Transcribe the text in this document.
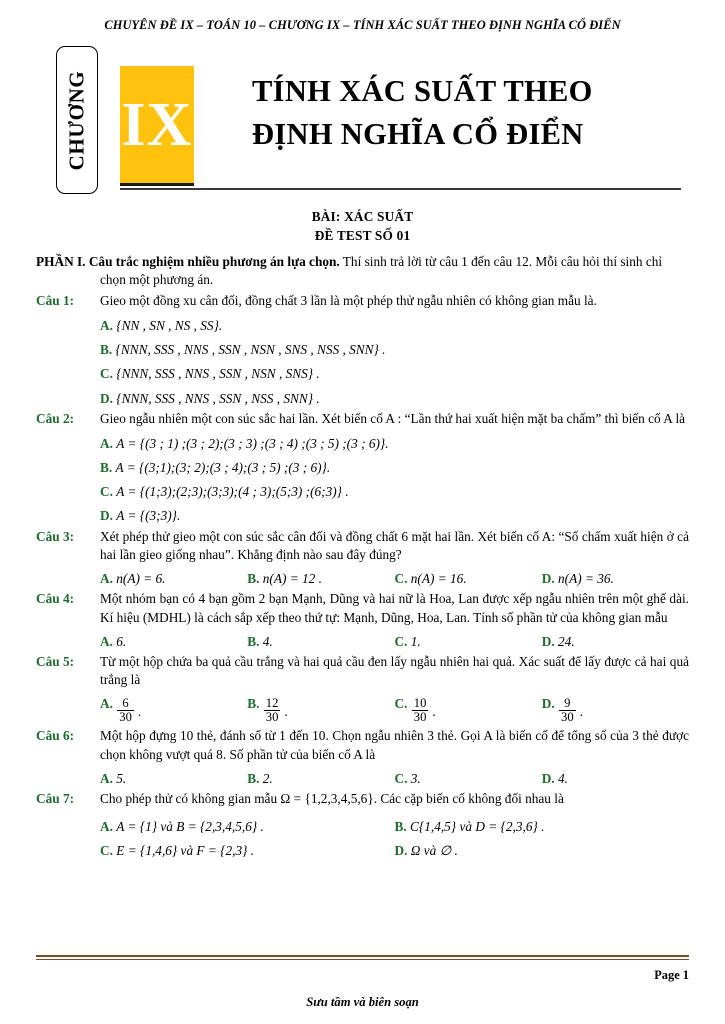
CHUYÊN ĐỀ IX – TOÁN 10 – CHƯƠNG IX – TÍNH XÁC SUẤT THEO ĐỊNH NGHĨA CỔ ĐIỂN
CHƯƠNG IX TÍNH XÁC SUẤT THEO
ĐỊNH NGHĨA CỔ ĐIỂN
BÀI: XÁC SUẤT
ĐỀ TEST SỐ 01
PHẦN I. Câu trắc nghiệm nhiều phương án lựa chọn. Thí sinh trả lời từ câu 1 đến câu 12. Mỗi câu hỏi thí sinh chỉ chọn một phương án.
Câu 1:	Gieo một đồng xu cân đối, đồng chất 3 lần là một phép thử ngẫu nhiên có không gian mẫu là.
A. {NN , SN , NS , SS}.
B. {NNN, SSS , NNS , SSN , NSN , SNS , NSS , SNN} .
C. {NNN, SSS , NNS , SSN , NSN , SNS} .
D. {NNN, SSS , NNS , SSN , NSS , SNN} .
Câu 2:	Gieo ngẫu nhiên một con súc sắc hai lần. Xét biến cố A : “Lần thứ hai xuất hiện mặt ba chấm” thì biến cố A là
A. A = {(3 ; 1) ;(3 ; 2);(3 ; 3) ;(3 ; 4) ;(3 ; 5) ;(3 ; 6)}.
B. A = {(3;1);(3; 2);(3 ; 4);(3 ; 5) ;(3 ; 6)}.
C. A = {(1;3);(2;3);(3;3);(4 ; 3);(5;3) ;(6;3)} .
D. A = {(3;3)}.
Câu 3:	Xét phép thử gieo một con súc sắc cân đối và đồng chất 6 mặt hai lần. Xét biến cố A: “Số chấm xuất hiện ở cả hai lần gieo giống nhau”. Khẳng định nào sau đây đúng?
A. n(A) = 6.	B. n(A) = 12 .	C. n(A) = 16.	D. n(A) = 36.
Câu 4:	Một nhóm bạn có 4 bạn gồm 2 bạn Mạnh, Dũng và hai nữ là Hoa, Lan được xếp ngẫu nhiên trên một ghế dài. Kí hiệu (MDHL) là cách sắp xếp theo thứ tự: Mạnh, Dũng, Hoa, Lan. Tính số phần tử của không gian mẫu
A. 6.	B. 4.	C. 1.	D. 24.
Câu 5:	Từ một hộp chứa ba quả cầu trắng và hai quả cầu đen lấy ngẫu nhiên hai quả. Xác suất để lấy được cả hai quả trắng là
A. $\frac{6}{30}$ .
B. $\frac{12}{30}$ .
C. $\frac{10}{30}$ .
D. $\frac{9}{30}$ .
Câu 6:	Một hộp đựng 10 thẻ, đánh số từ 1 đến 10. Chọn ngẫu nhiên 3 thẻ. Gọi A là biến cố để tổng số của 3 thẻ được chọn không vượt quá 8. Số phần tử của biến cố A là
A. 5.	B. 2.	C. 3.	D. 4.
Câu 7:	Cho phép thử có không gian mẫu Ω = {1,2,3,4,5,6}. Các cặp biến cố không đối nhau là
A. A = {1} và B = {2,3,4,5,6} .	B. C{1,4,5} và D = {2,3,6} .
C. E = {1,4,6} và F = {2,3} .	D. Ω và ∅ .
Page 1
Sưu tầm và biên soạn
